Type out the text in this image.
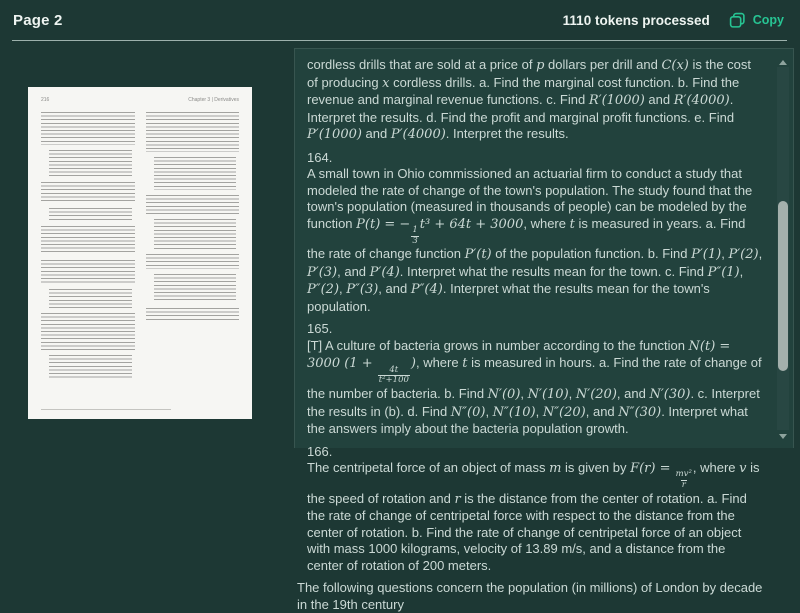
Page 2	1110 tokens processed	Copy
216	Chapter 3 | Derivatives
cordless drills that are sold at a price of p dollars per drill and C(x) is the cost of producing x cordless drills. a. Find the marginal cost function. b. Find the revenue and marginal revenue functions. c. Find R′(1000) and R′(4000). Interpret the results. d. Find the profit and marginal profit functions. e. Find P′(1000) and P′(4000). Interpret the results.
164.
A small town in Ohio commissioned an actuarial firm to conduct a study that modeled the rate of change of the town's population. The study found that the town's population (measured in thousands of people) can be modeled by the function P(t) = −
$\frac{1}{3}$
t³ + 64t + 3000, where t is measured in years. a. Find the rate of change function P′(t) of the population function. b. Find P′(1), P′(2), P′(3), and P′(4). Interpret what the results mean for the town. c. Find P″(1), P″(2), P″(3), and P″(4). Interpret what the results mean for the town's population.
165.
[T] A culture of bacteria grows in number according to the function N(t) = 3000 (1 +
$\frac{4t}{\text{t²+100}}$
), where t is measured in hours. a. Find the rate of change of the number of bacteria. b. Find N′(0), N′(10), N′(20), and N′(30). c. Interpret the results in (b). d. Find N″(0), N″(10), N″(20), and N″(30). Interpret what the answers imply about the bacteria population growth.
166.
The centripetal force of an object of mass m is given by F(r) =
$\frac{\text{mv²}}{r}$
, where v is the speed of rotation and r is the distance from the center of rotation. a. Find the rate of change of centripetal force with respect to the distance from the center of rotation. b. Find the rate of change of centripetal force of an object with mass 1000 kilograms, velocity of 13.89 m/s, and a distance from the center of rotation of 200 meters.
The following questions concern the population (in millions) of London by decade in the 19th century
